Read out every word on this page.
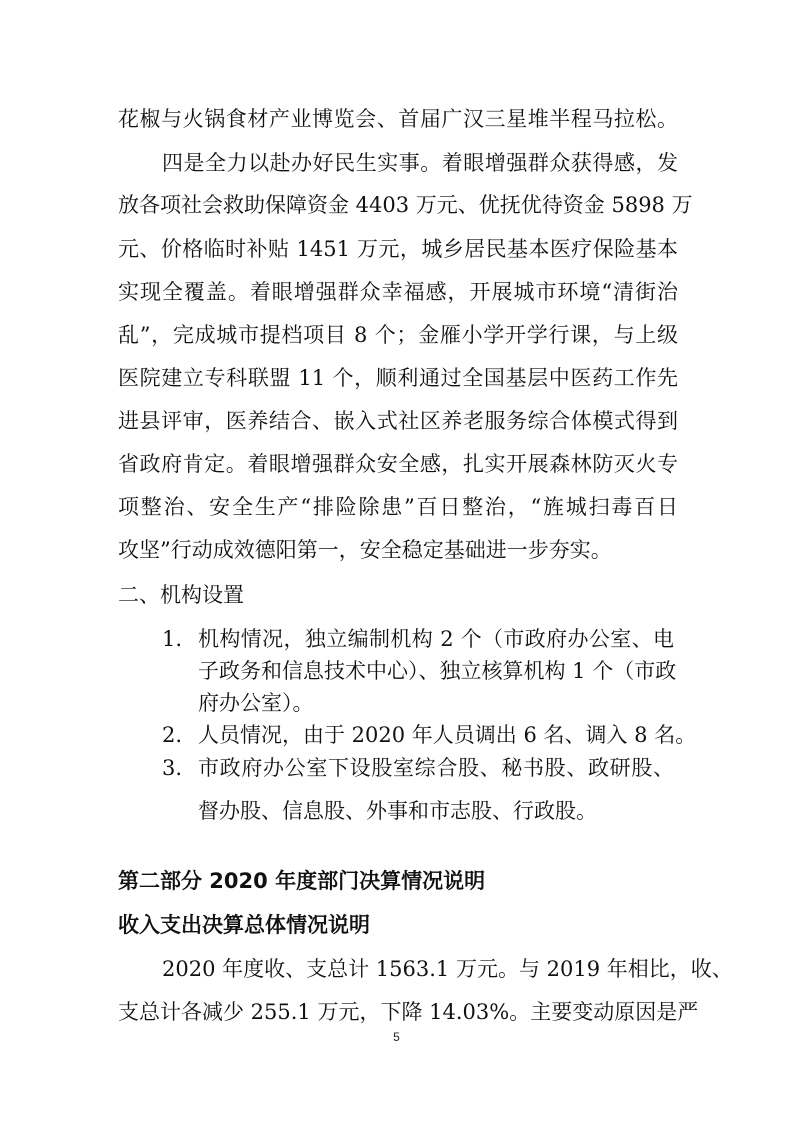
花椒与火锅食材产业博览会、首届广汉三星堆半程马拉松。
四是全力以赴办好民生实事。着眼增强群众获得感，发
放各项社会救助保障资金 4403 万元、优抚优待资金 5898 万
元、价格临时补贴 1451 万元，城乡居民基本医疗保险基本
实现全覆盖。着眼增强群众幸福感，开展城市环境“清街治
乱”，完成城市提档项目 8 个；金雁小学开学行课，与上级
医院建立专科联盟 11 个，顺利通过全国基层中医药工作先
进县评审，医养结合、嵌入式社区养老服务综合体模式得到
省政府肯定。着眼增强群众安全感，扎实开展森林防灭火专
项整治、安全生产“排险除患”百日整治，“旌城扫毒百日
攻坚”行动成效德阳第一，安全稳定基础进一步夯实。
二、机构设置
1. 机构情况，独立编制机构 2 个（市政府办公室、电
子政务和信息技术中心）、独立核算机构 1 个（市政
府办公室）。
2. 人员情况，由于 2020 年人员调出 6 名、调入 8 名。
3. 市政府办公室下设股室综合股、秘书股、政研股、
督办股、信息股、外事和市志股、行政股。
第二部分 2020 年度部门决算情况说明
收入支出决算总体情况说明
2020 年度收、支总计 1563.1 万元。与 2019 年相比，收、
支总计各减少 255.1 万元，下降 14.03%。主要变动原因是严
5
